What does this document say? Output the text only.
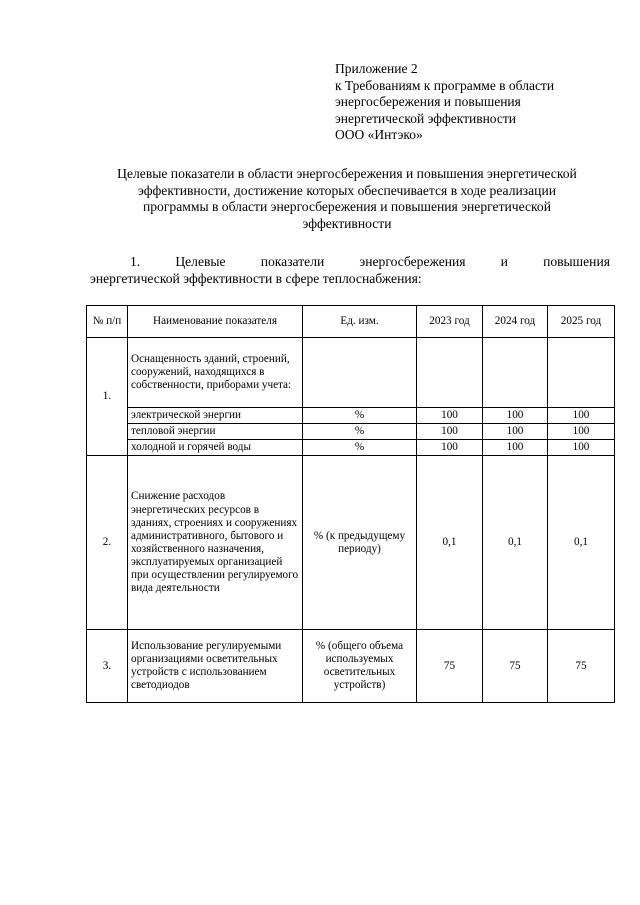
Приложение 2
к Требованиям к программе в области
энергосбережения и повышения
энергетической эффективности
ООО «Интэко»
Целевые показатели в области энергосбережения и повышения энергетической
эффективности, достижение которых обеспечивается в ходе реализации
программы в области энергосбережения и повышения энергетической
эффективности
1.	Целевые	показатели	энергосбережения	и	повышения
энергетической эффективности в сфере теплоснабжения:
№ п/п	Наименование показателя	Ед. изм.	2023 год	2024 год	2025 год
1.	Оснащенность зданий, строений, сооружений, находящихся в собственности, приборами учета:				
	электрической энергии	%	100	100	100
	тепловой энергии	%	100	100	100
	холодной и горячей воды	%	100	100	100
2.	Снижение расходов энергетических ресурсов в зданиях, строениях и сооружениях административного, бытового и хозяйственного назначения, эксплуатируемых организацией при осуществлении регулируемого вида деятельности	% (к предыдущему периоду)	0,1	0,1	0,1
3.	Использование регулируемыми организациями осветительных устройств с использованием светодиодов	% (общего объема используемых осветительных устройств)	75	75	75
